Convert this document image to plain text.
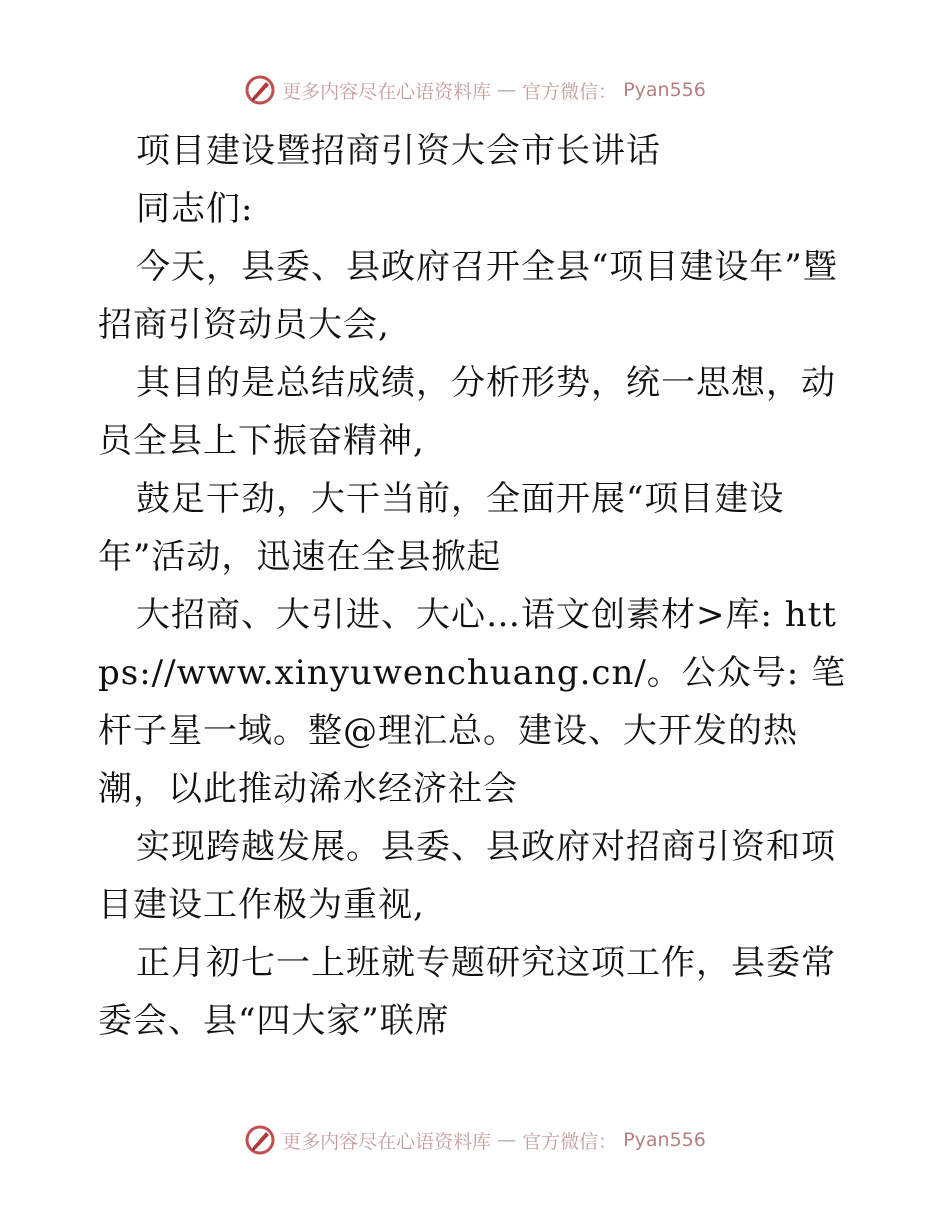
更多内容尽在心语资料库 — 官方微信： Pyan556

项目建设暨招商引资大会市长讲话

同志们:

今天，县委、县政府召开全县“项目建设年”暨招商引资动员大会,

其目的是总结成绩，分析形势，统一思想，动员全县上下振奋精神,

鼓足干劲，大干当前，全面开展“项目建设年”活动，迅速在全县掀起

大招商、大引进、大心…语文创素材>库: https://www.xinyuwenchuang.cn/。公众号: 笔杆子星一域。整@理汇总。建设、大开发的热潮，以此推动浠水经济社会

实现跨越发展。县委、县政府对招商引资和项目建设工作极为重视,

正月初七一上班就专题研究这项工作，县委常委会、县“四大家”联席

更多内容尽在心语资料库 — 官方微信： Pyan556
